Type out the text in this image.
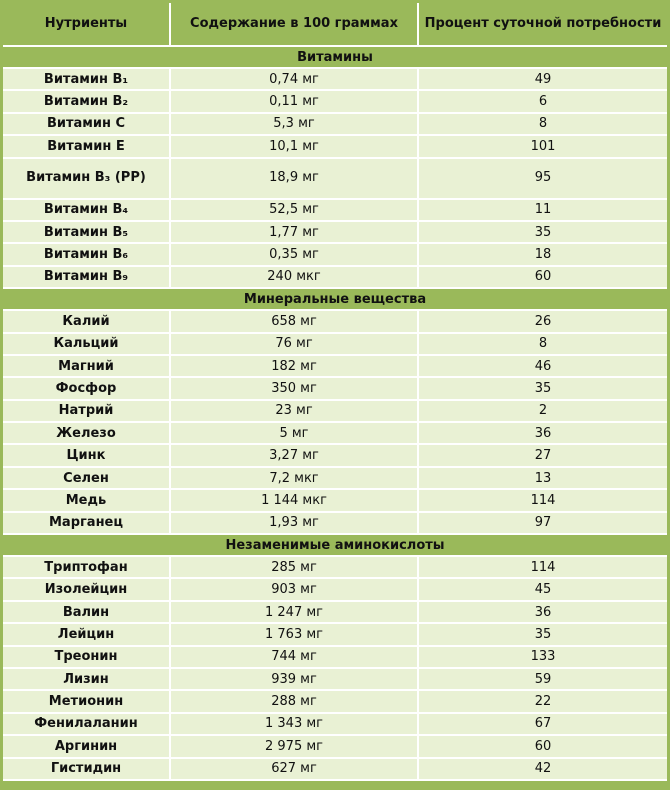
Нутриенты	Содержание в 100 граммах	Процент суточной потребности
Витамины		
Витамин B₁	0,74 мг	49
Витамин B₂	0,11 мг	6
Витамин C	5,3 мг	8
Витамин E	10,1 мг	101
Витамин B₃ (PP)	18,9 мг	95
Витамин B₄	52,5 мг	11
Витамин B₅	1,77 мг	35
Витамин B₆	0,35 мг	18
Витамин B₉	240 мкг	60
Минеральные вещества		
Калий	658 мг	26
Кальций	76 мг	8
Магний	182 мг	46
Фосфор	350 мг	35
Натрий	23 мг	2
Железо	5 мг	36
Цинк	3,27 мг	27
Селен	7,2 мкг	13
Медь	1 144 мкг	114
Марганец	1,93 мг	97
Незаменимые аминокислоты		
Триптофан	285 мг	114
Изолейцин	903 мг	45
Валин	1 247 мг	36
Лейцин	1 763 мг	35
Треонин	744 мг	133
Лизин	939 мг	59
Метионин	288 мг	22
Фенилаланин	1 343 мг	67
Аргинин	2 975 мг	60
Гистидин	627 мг	42
